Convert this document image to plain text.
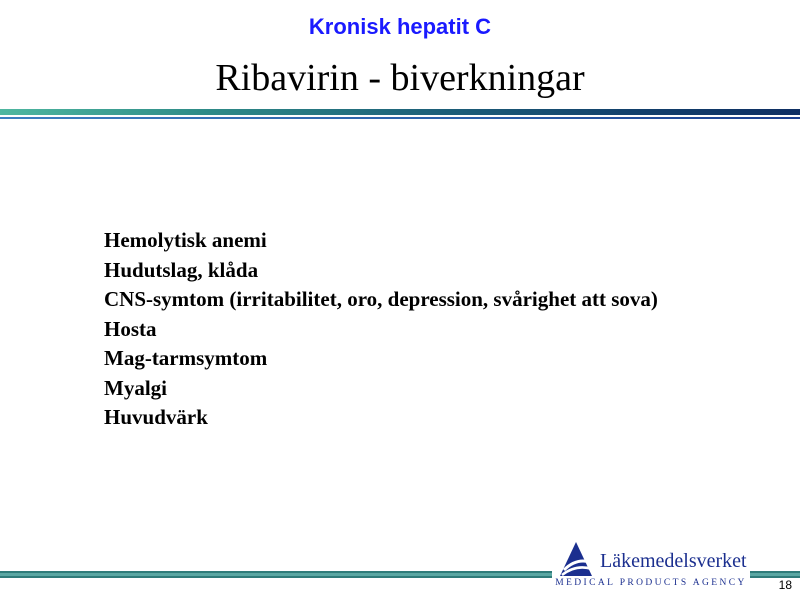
Kronisk hepatit C
Ribavirin - biverkningar
Hemolytisk anemi
Hudutslag, klåda
CNS-symtom (irritabilitet, oro, depression, svårighet att sova)
Hosta
Mag-tarmsymtom
Myalgi
Huvudvärk
Läkemedelsverket
MEDICAL PRODUCTS AGENCY	18
